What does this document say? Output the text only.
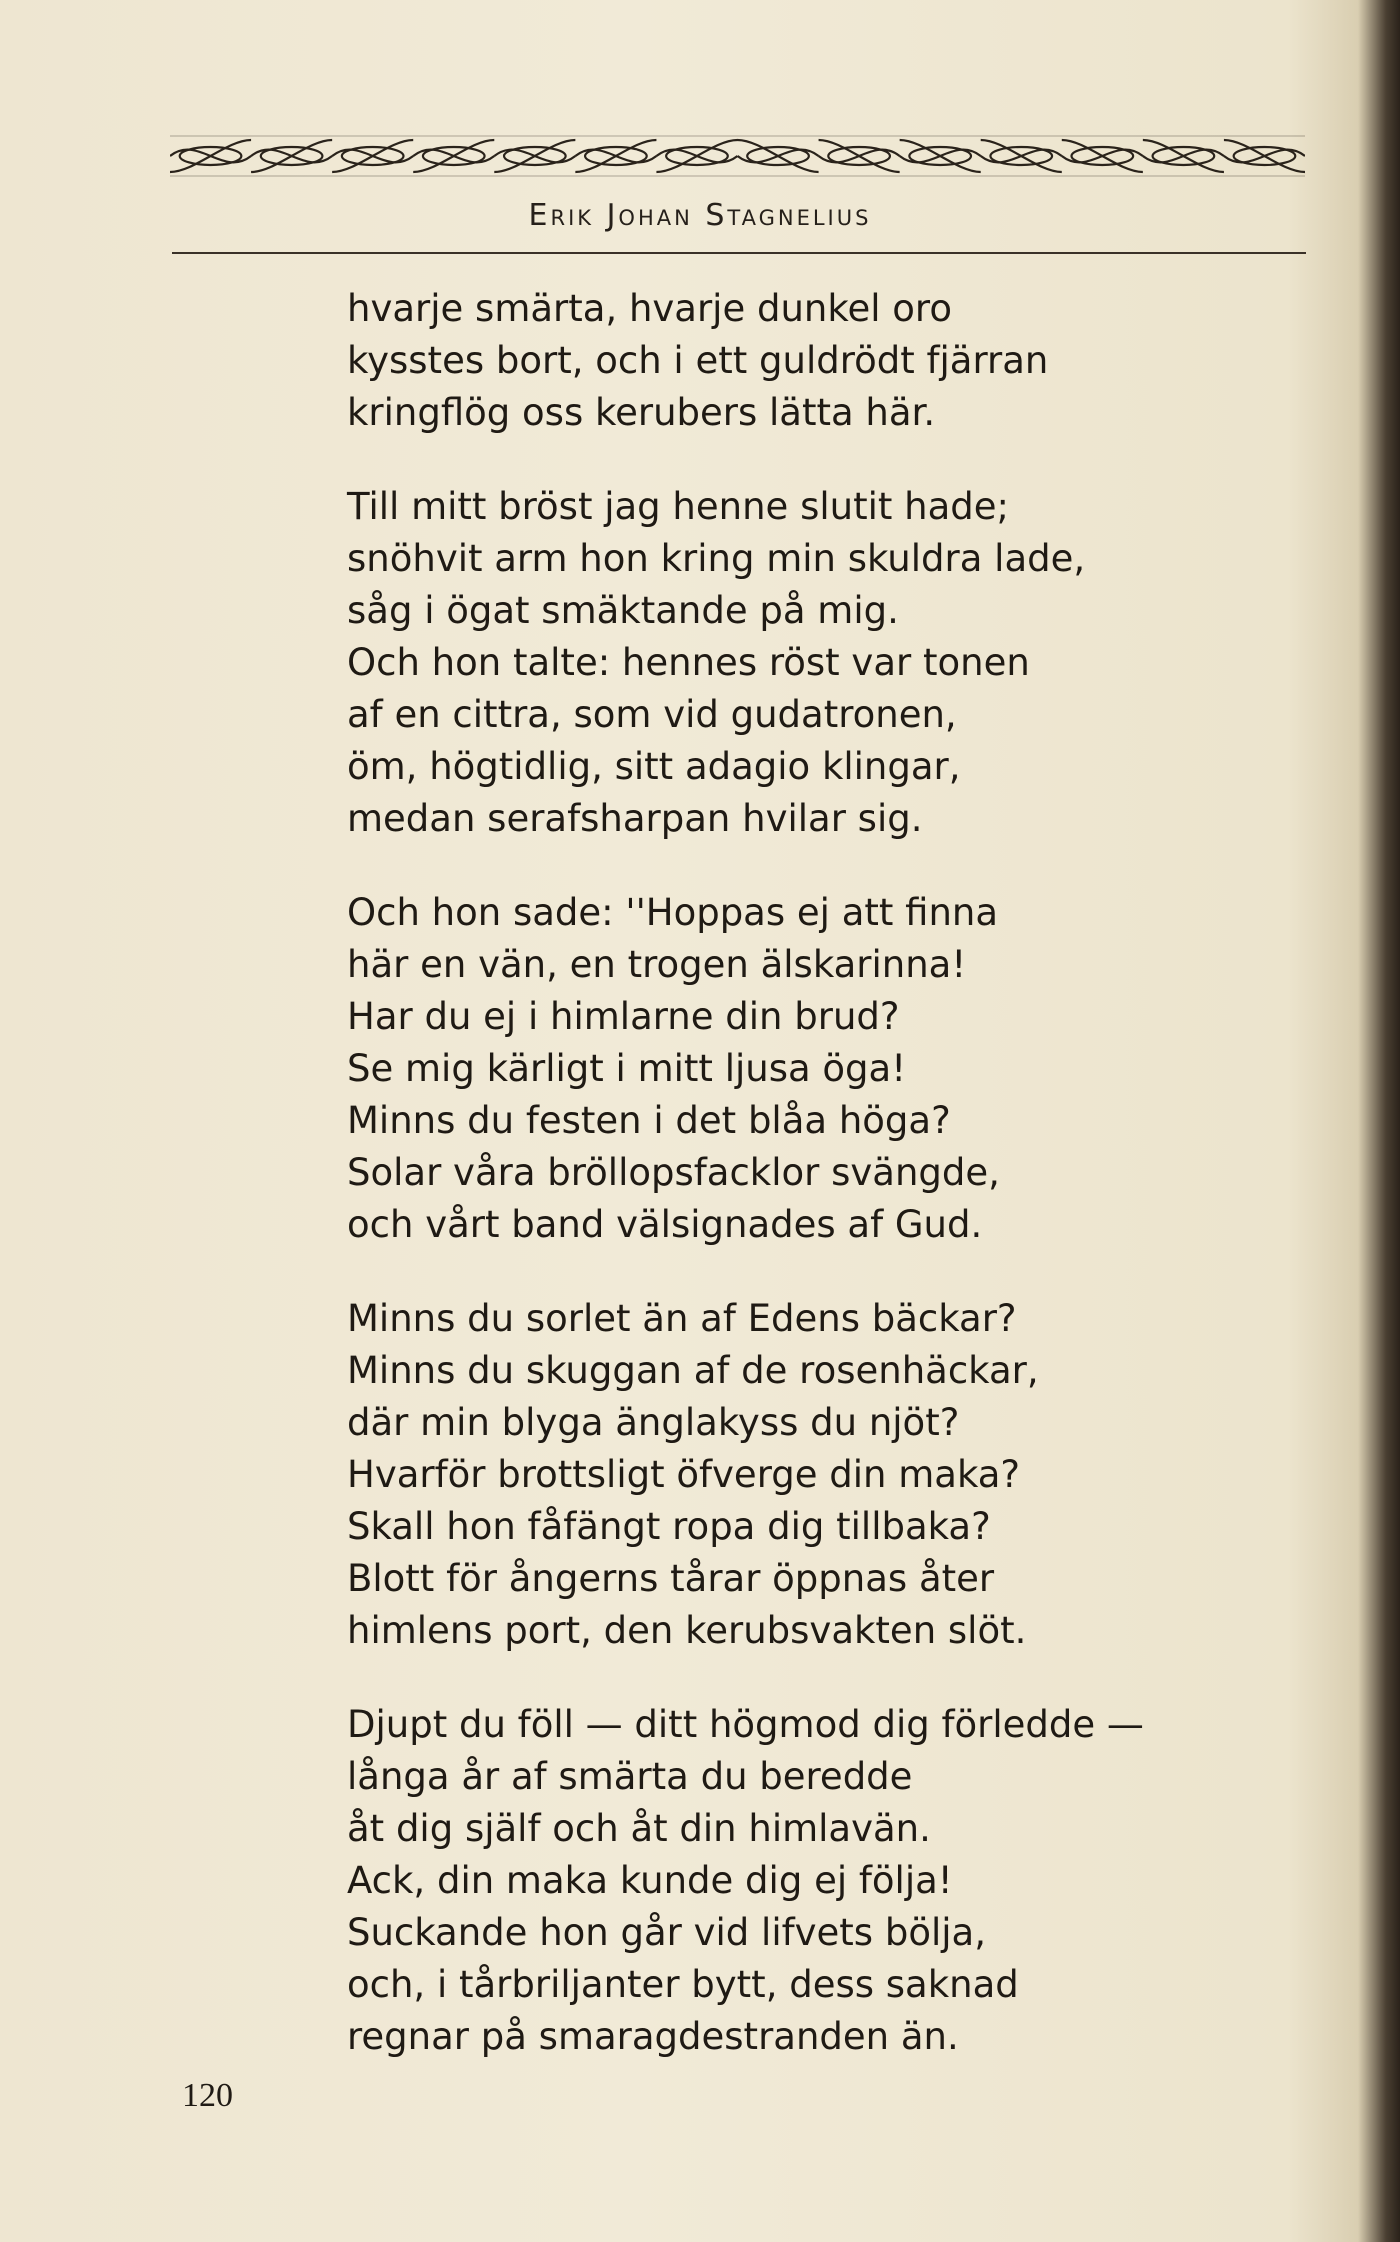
Erik Johan Stagnelius
hvarje smärta, hvarje dunkel oro
kysstes bort, och i ett guldrödt fjärran
kringflög oss kerubers lätta här.
Till mitt bröst jag henne slutit hade;
snöhvit arm hon kring min skuldra lade,
såg i ögat smäktande på mig.
Och hon talte: hennes röst var tonen
af en cittra, som vid gudatronen,
öm, högtidlig, sitt adagio klingar,
medan serafsharpan hvilar sig.
Och hon sade: ''Hoppas ej att finna
här en vän, en trogen älskarinna!
Har du ej i himlarne din brud?
Se mig kärligt i mitt ljusa öga!
Minns du festen i det blåa höga?
Solar våra bröllopsfacklor svängde,
och vårt band välsignades af Gud.
Minns du sorlet än af Edens bäckar?
Minns du skuggan af de rosenhäckar,
där min blyga änglakyss du njöt?
Hvarför brottsligt öfverge din maka?
Skall hon fåfängt ropa dig tillbaka?
Blott för ångerns tårar öppnas åter
himlens port, den kerubsvakten slöt.
Djupt du föll — ditt högmod dig förledde —
långa år af smärta du beredde
åt dig själf och åt din himlavän.
Ack, din maka kunde dig ej följa!
Suckande hon går vid lifvets bölja,
och, i tårbriljanter bytt, dess saknad
regnar på smaragdestranden än.
120
